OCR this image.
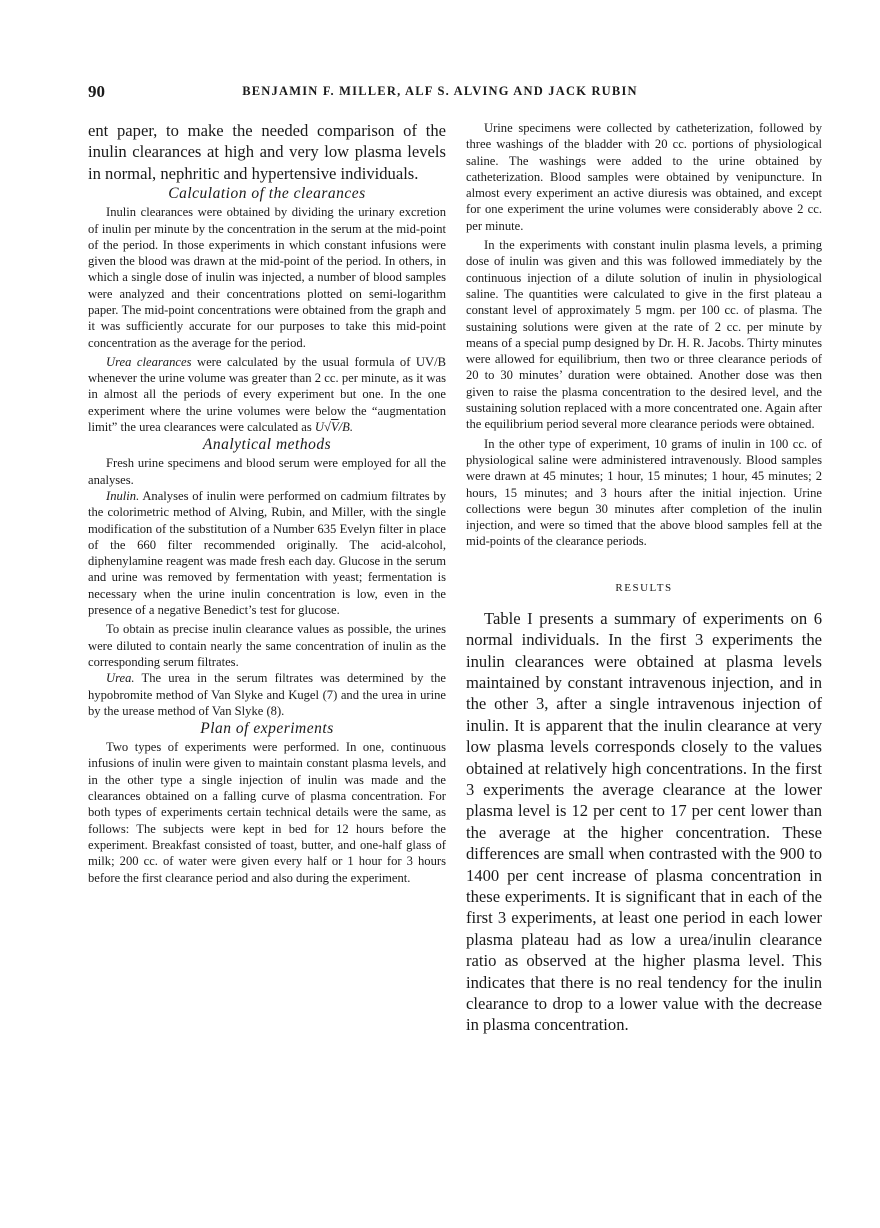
90	BENJAMIN F. MILLER, ALF S. ALVING AND JACK RUBIN

ent paper, to make the needed comparison of the inulin clearances at high and very low plasma levels in normal, nephritic and hypertensive individuals.

Calculation of the clearances

Inulin clearances were obtained by dividing the urinary excretion of inulin per minute by the concentration in the serum at the mid-point of the period. In those experiments in which constant infusions were given the blood was drawn at the mid-point of the period. In others, in which a single dose of inulin was injected, a number of blood samples were analyzed and their concentrations plotted on semi-logarithm paper. The mid-point concentrations were obtained from the graph and it was sufficiently accurate for our purposes to take this mid-point concentration as the average for the period.

Urea clearances were calculated by the usual formula of UV/B whenever the urine volume was greater than 2 cc. per minute, as it was in almost all the periods of every experiment but one. In the one experiment where the urine volumes were below the “augmentation limit” the urea clearances were calculated as U√V/B.

Analytical methods

Fresh urine specimens and blood serum were employed for all the analyses.

Inulin. Analyses of inulin were performed on cadmium filtrates by the colorimetric method of Alving, Rubin, and Miller, with the single modification of the substitution of a Number 635 Evelyn filter in place of the 660 filter recommended originally. The acid-alcohol, diphenylamine reagent was made fresh each day. Glucose in the serum and urine was removed by fermentation with yeast; fermentation is necessary when the urine inulin concentration is low, even in the presence of a negative Benedict’s test for glucose.

To obtain as precise inulin clearance values as possible, the urines were diluted to contain nearly the same concentration of inulin as the corresponding serum filtrates.

Urea. The urea in the serum filtrates was determined by the hypobromite method of Van Slyke and Kugel (7) and the urea in urine by the urease method of Van Slyke (8).

Plan of experiments

Two types of experiments were performed. In one, continuous infusions of inulin were given to maintain constant plasma levels, and in the other type a single injection of inulin was made and the clearances obtained on a falling curve of plasma concentration. For both types of experiments certain technical details were the same, as follows: The subjects were kept in bed for 12 hours before the experiment. Breakfast consisted of toast, butter, and one-half glass of milk; 200 cc. of water were given every half or 1 hour for 3 hours before the first clearance period and also during the experiment.

Urine specimens were collected by catheterization, followed by three washings of the bladder with 20 cc. portions of physiological saline. The washings were added to the urine obtained by catheterization. Blood samples were obtained by venipuncture. In almost every experiment an active diuresis was obtained, and except for one experiment the urine volumes were considerably above 2 cc. per minute.

In the experiments with constant inulin plasma levels, a priming dose of inulin was given and this was followed immediately by the continuous injection of a dilute solution of inulin in physiological saline. The quantities were calculated to give in the first plateau a constant level of approximately 5 mgm. per 100 cc. of plasma. The sustaining solutions were given at the rate of 2 cc. per minute by means of a special pump designed by Dr. H. R. Jacobs. Thirty minutes were allowed for equilibrium, then two or three clearance periods of 20 to 30 minutes’ duration were obtained. Another dose was then given to raise the plasma concentration to the desired level, and the sustaining solution replaced with a more concentrated one. Again after the equilibrium period several more clearance periods were obtained.

In the other type of experiment, 10 grams of inulin in 100 cc. of physiological saline were administered intravenously. Blood samples were drawn at 45 minutes; 1 hour, 15 minutes; 1 hour, 45 minutes; 2 hours, 15 minutes; and 3 hours after the initial injection. Urine collections were begun 30 minutes after completion of the inulin injection, and were so timed that the above blood samples fell at the mid-points of the clearance periods.

RESULTS

Table I presents a summary of experiments on 6 normal individuals. In the first 3 experiments the inulin clearances were obtained at plasma levels maintained by constant intravenous injection, and in the other 3, after a single intravenous injection of inulin. It is apparent that the inulin clearance at very low plasma levels corresponds closely to the values obtained at relatively high concentrations. In the first 3 experiments the average clearance at the lower plasma level is 12 per cent to 17 per cent lower than the average at the higher concentration. These differences are small when contrasted with the 900 to 1400 per cent increase of plasma concentration in these experiments. It is significant that in each of the first 3 experiments, at least one period in each lower plasma plateau had as low a urea/inulin clearance ratio as observed at the higher plasma level. This indicates that there is no real tendency for the inulin clearance to drop to a lower value with the decrease in plasma concentration.
